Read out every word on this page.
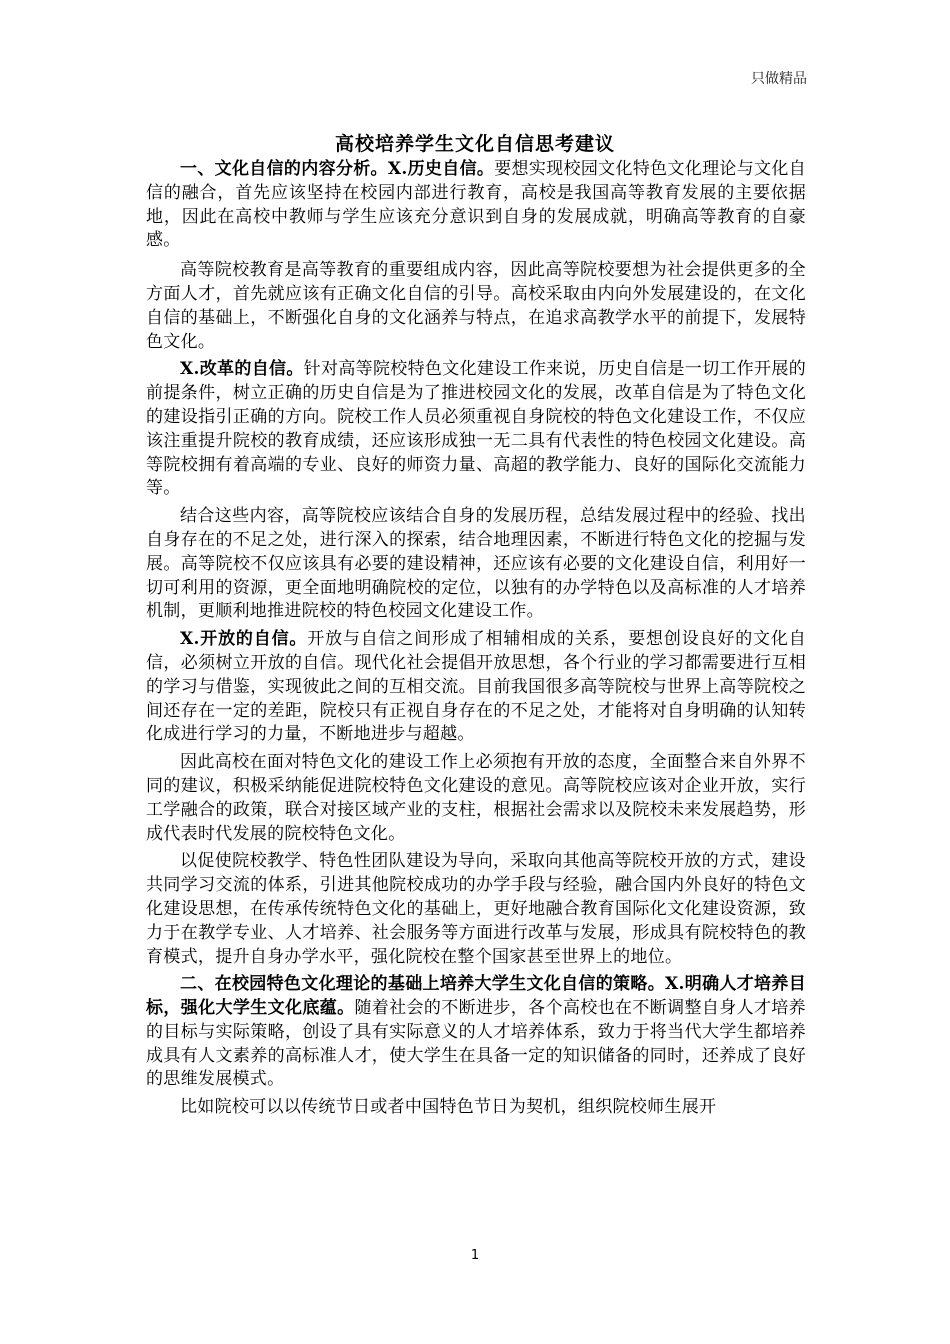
只做精品
高校培养学生文化自信思考建议

一、文化自信的内容分析。X.历史自信。要想实现校园文化特色文化理论与文化自信的融合，首先应该坚持在校园内部进行教育，高校是我国高等教育发展的主要依据地，因此在高校中教师与学生应该充分意识到自身的发展成就，明确高等教育的自豪感。

高等院校教育是高等教育的重要组成内容，因此高等院校要想为社会提供更多的全方面人才，首先就应该有正确文化自信的引导。高校采取由内向外发展建设的，在文化自信的基础上，不断强化自身的文化涵养与特点，在追求高教学水平的前提下，发展特色文化。

X.改革的自信。针对高等院校特色文化建设工作来说，历史自信是一切工作开展的前提条件，树立正确的历史自信是为了推进校园文化的发展，改革自信是为了特色文化的建设指引正确的方向。院校工作人员必须重视自身院校的特色文化建设工作，不仅应该注重提升院校的教育成绩，还应该形成独一无二具有代表性的特色校园文化建设。高等院校拥有着高端的专业、良好的师资力量、高超的教学能力、良好的国际化交流能力等。

结合这些内容，高等院校应该结合自身的发展历程，总结发展过程中的经验、找出自身存在的不足之处，进行深入的探索，结合地理因素，不断进行特色文化的挖掘与发展。高等院校不仅应该具有必要的建设精神，还应该有必要的文化建设自信，利用好一切可利用的资源，更全面地明确院校的定位，以独有的办学特色以及高标准的人才培养机制，更顺利地推进院校的特色校园文化建设工作。

X.开放的自信。开放与自信之间形成了相辅相成的关系，要想创设良好的文化自信，必须树立开放的自信。现代化社会提倡开放思想，各个行业的学习都需要进行互相的学习与借鉴，实现彼此之间的互相交流。目前我国很多高等院校与世界上高等院校之间还存在一定的差距，院校只有正视自身存在的不足之处，才能将对自身明确的认知转化成进行学习的力量，不断地进步与超越。

因此高校在面对特色文化的建设工作上必须抱有开放的态度，全面整合来自外界不同的建议，积极采纳能促进院校特色文化建设的意见。高等院校应该对企业开放，实行工学融合的政策，联合对接区域产业的支柱，根据社会需求以及院校未来发展趋势，形成代表时代发展的院校特色文化。

以促使院校教学、特色性团队建设为导向，采取向其他高等院校开放的方式，建设共同学习交流的体系，引进其他院校成功的办学手段与经验，融合国内外良好的特色文化建设思想，在传承传统特色文化的基础上，更好地融合教育国际化文化建设资源，致力于在教学专业、人才培养、社会服务等方面进行改革与发展，形成具有院校特色的教育模式，提升自身办学水平，强化院校在整个国家甚至世界上的地位。

二、在校园特色文化理论的基础上培养大学生文化自信的策略。X.明确人才培养目标，强化大学生文化底蕴。随着社会的不断进步，各个高校也在不断调整自身人才培养的目标与实际策略，创设了具有实际意义的人才培养体系，致力于将当代大学生都培养成具有人文素养的高标准人才，使大学生在具备一定的知识储备的同时，还养成了良好的思维发展模式。

比如院校可以以传统节日或者中国特色节日为契机，组织院校师生展开

1
